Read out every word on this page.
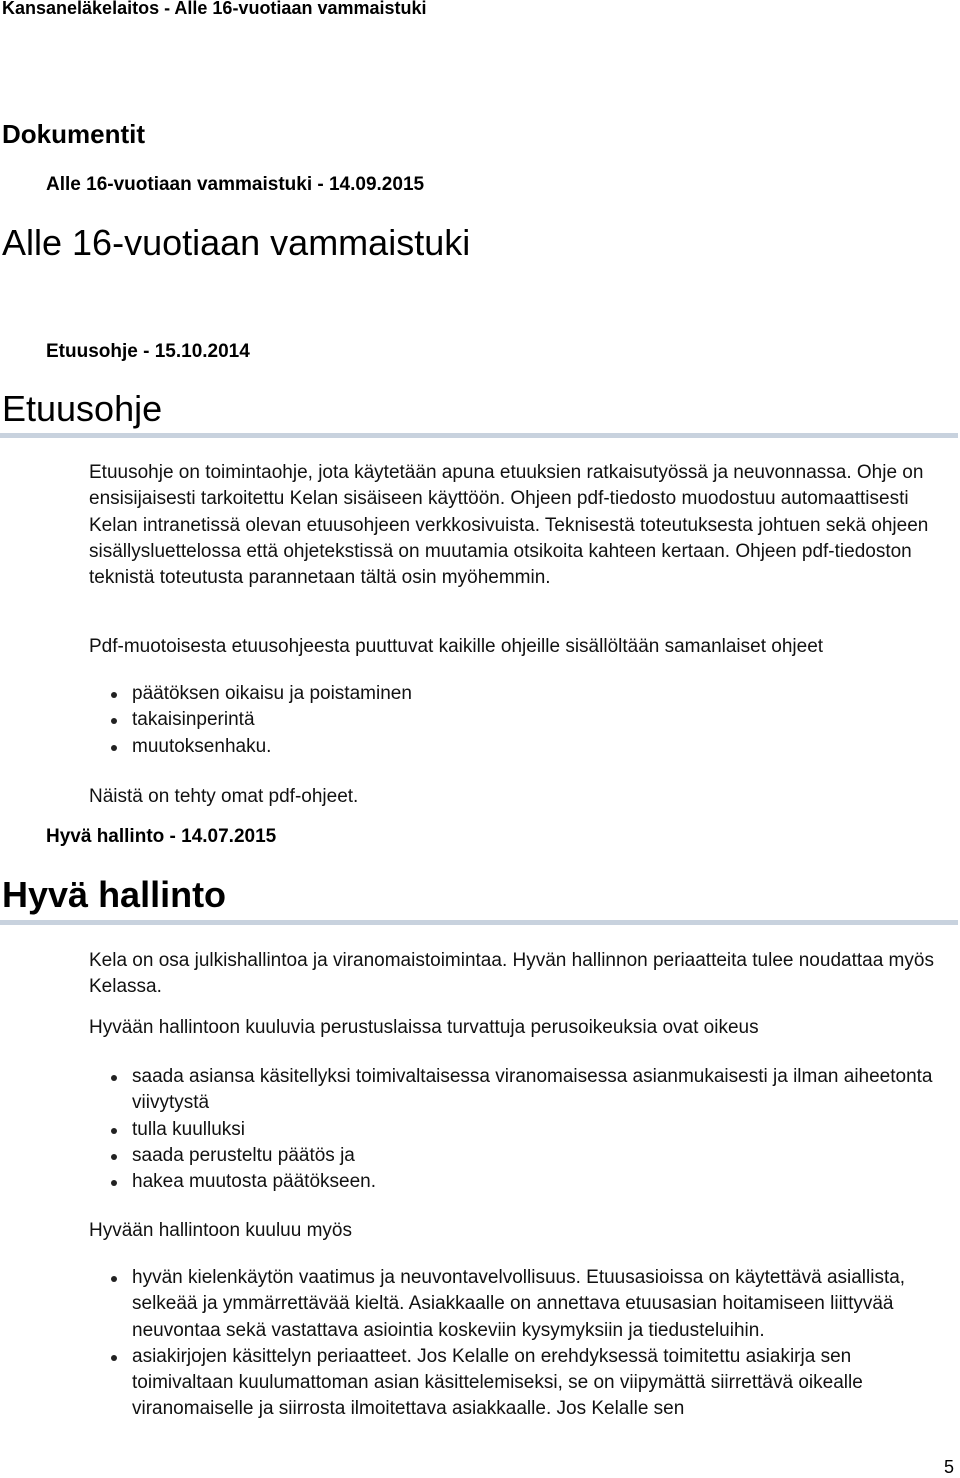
Kansaneläkelaitos - Alle 16-vuotiaan vammaistuki
Dokumentit
Alle 16-vuotiaan vammaistuki - 14.09.2015
Alle 16-vuotiaan vammaistuki
Etuusohje - 15.10.2014
Etuusohje

Etuusohje on toimintaohje, jota käytetään apuna etuuksien ratkaisutyössä ja neuvonnassa. Ohje on ensisijaisesti tarkoitettu Kelan sisäiseen käyttöön. Ohjeen pdf-tiedosto muodostuu automaattisesti Kelan intranetissä olevan etuusohjeen verkkosivuista. Teknisestä toteutuksesta johtuen sekä ohjeen sisällysluettelossa että ohjetekstissä on muutamia otsikoita kahteen kertaan. Ohjeen pdf-tiedoston teknistä toteutusta parannetaan tältä osin myöhemmin.

Pdf-muotoisesta etuusohjeesta puuttuvat kaikille ohjeille sisällöltään samanlaiset ohjeet

päätöksen oikaisu ja poistaminen
takaisinperintä
muutoksenhaku.

Näistä on tehty omat pdf-ohjeet.

Hyvä hallinto - 14.07.2015
Hyvä hallinto

Kela on osa julkishallintoa ja viranomaistoimintaa. Hyvän hallinnon periaatteita tulee noudattaa myös Kelassa.

Hyvään hallintoon kuuluvia perustuslaissa turvattuja perusoikeuksia ovat oikeus

saada asiansa käsitellyksi toimivaltaisessa viranomaisessa asianmukaisesti ja ilman aiheetonta viivytystä
tulla kuulluksi
saada perusteltu päätös ja
hakea muutosta päätökseen.

Hyvään hallintoon kuuluu myös

hyvän kielenkäytön vaatimus ja neuvontavelvollisuus. Etuusasioissa on käytettävä asiallista, selkeää ja ymmärrettävää kieltä. Asiakkaalle on annettava etuusasian hoitamiseen liittyvää neuvontaa sekä vastattava asiointia koskeviin kysymyksiin ja tiedusteluihin.
asiakirjojen käsittelyn periaatteet. Jos Kelalle on erehdyksessä toimitettu asiakirja sen toimivaltaan kuulumattoman asian käsittelemiseksi, se on viipymättä siirrettävä oikealle viranomaiselle ja siirrosta ilmoitettava asiakkaalle. Jos Kelalle sen
5
